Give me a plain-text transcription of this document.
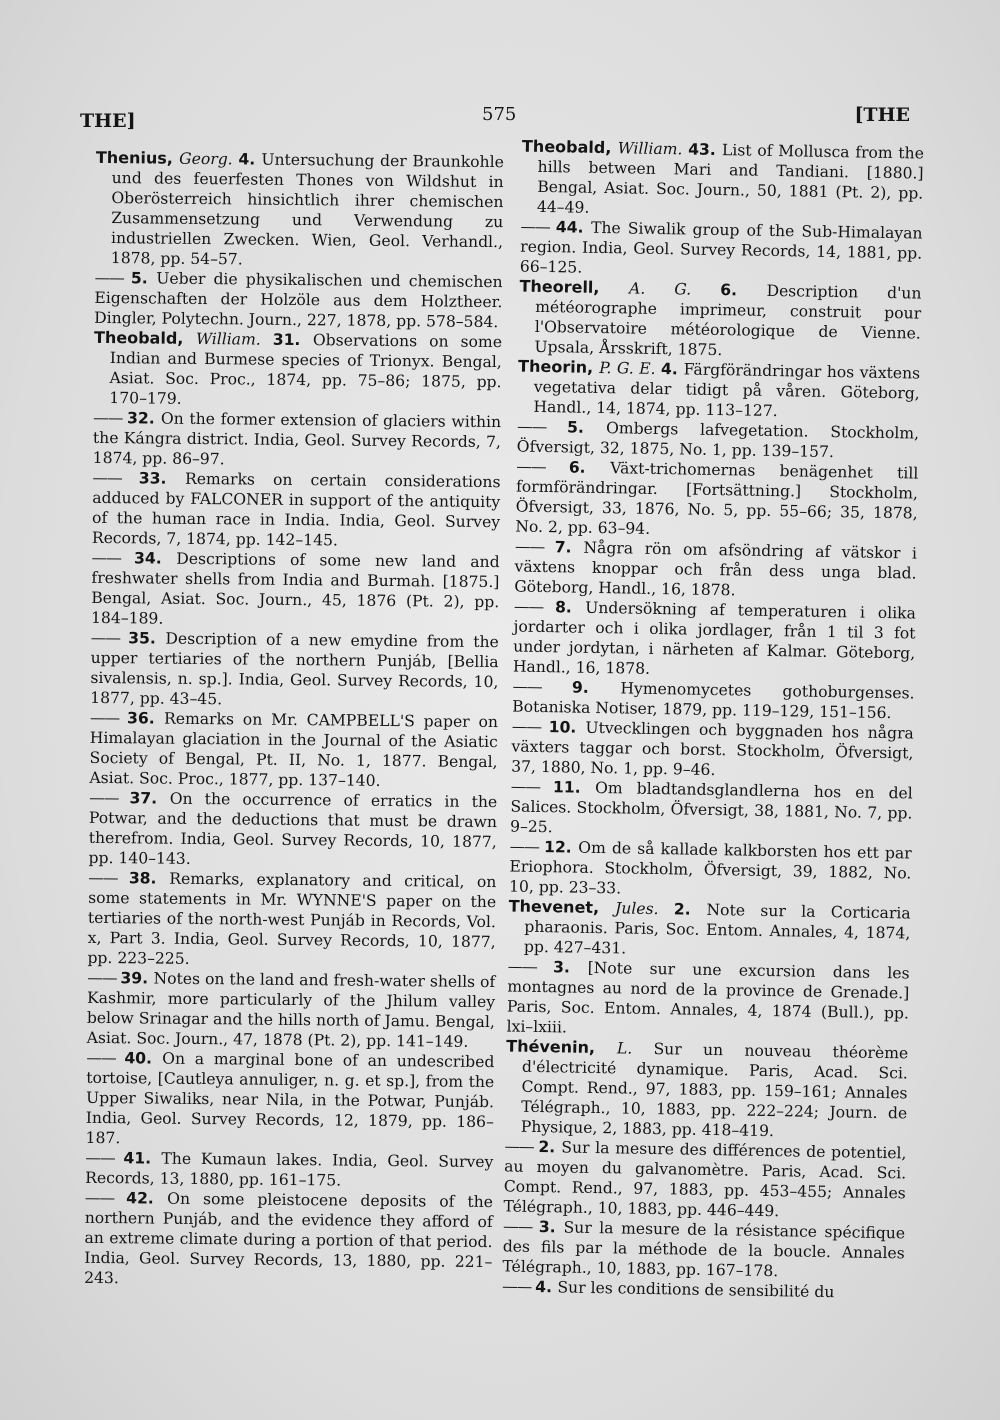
THE]	575	[THE
Thenius, Georg. 4. Untersuchung der Braunkohle und des feuerfesten Thones von Wildshut in Oberösterreich hinsichtlich ihrer chemischen Zusammensetzung und Verwendung zu industriellen Zwecken. Wien, Geol. Verhandl., 1878, pp. 54–57.
—— 5. Ueber die physikalischen und chemischen Eigenschaften der Holzöle aus dem Holztheer. Dingler, Polytechn. Journ., 227, 1878, pp. 578–584.
Theobald, William. 31. Observations on some Indian and Burmese species of Trionyx. Bengal, Asiat. Soc. Proc., 1874, pp. 75–86; 1875, pp. 170–179.
—— 32. On the former extension of glaciers within the Kángra district. India, Geol. Survey Records, 7, 1874, pp. 86–97.
—— 33. Remarks on certain considerations adduced by FALCONER in support of the antiquity of the human race in India. India, Geol. Survey Records, 7, 1874, pp. 142–145.
—— 34. Descriptions of some new land and freshwater shells from India and Burmah. [1875.] Bengal, Asiat. Soc. Journ., 45, 1876 (Pt. 2), pp. 184–189.
—— 35. Description of a new emydine from the upper tertiaries of the northern Punjáb, [Bellia sivalensis, n. sp.]. India, Geol. Survey Records, 10, 1877, pp. 43–45.
—— 36. Remarks on Mr. CAMPBELL'S paper on Himalayan glaciation in the Journal of the Asiatic Society of Bengal, Pt. II, No. 1, 1877. Bengal, Asiat. Soc. Proc., 1877, pp. 137–140.
—— 37. On the occurrence of erratics in the Potwar, and the deductions that must be drawn therefrom. India, Geol. Survey Records, 10, 1877, pp. 140–143.
—— 38. Remarks, explanatory and critical, on some statements in Mr. WYNNE'S paper on the tertiaries of the north-west Punjáb in Records, Vol. x, Part 3. India, Geol. Survey Records, 10, 1877, pp. 223–225.
—— 39. Notes on the land and fresh-water shells of Kashmir, more particularly of the Jhilum valley below Srinagar and the hills north of Jamu. Bengal, Asiat. Soc. Journ., 47, 1878 (Pt. 2), pp. 141–149.
—— 40. On a marginal bone of an undescribed tortoise, [Cautleya annuliger, n. g. et sp.], from the Upper Siwaliks, near Nila, in the Potwar, Punjáb. India, Geol. Survey Records, 12, 1879, pp. 186–187.
—— 41. The Kumaun lakes. India, Geol. Survey Records, 13, 1880, pp. 161–175.
—— 42. On some pleistocene deposits of the northern Punjáb, and the evidence they afford of an extreme climate during a portion of that period. India, Geol. Survey Records, 13, 1880, pp. 221–243.
Theobald, William. 43. List of Mollusca from the hills between Mari and Tandiani. [1880.] Bengal, Asiat. Soc. Journ., 50, 1881 (Pt. 2), pp. 44–49.
—— 44. The Siwalik group of the Sub-Himalayan region. India, Geol. Survey Records, 14, 1881, pp. 66–125.
Theorell, A. G. 6. Description d'un météorographe imprimeur, construit pour l'Observatoire météorologique de Vienne. Upsala, Årsskrift, 1875.
Theorin, P. G. E. 4. Färgförändringar hos växtens vegetativa delar tidigt på våren. Göteborg, Handl., 14, 1874, pp. 113–127.
—— 5. Ombergs lafvegetation. Stockholm, Öfversigt, 32, 1875, No. 1, pp. 139–157.
—— 6. Växt-trichomernas benägenhet till formförändringar. [Fortsättning.] Stockholm, Öfversigt, 33, 1876, No. 5, pp. 55–66; 35, 1878, No. 2, pp. 63–94.
—— 7. Några rön om afsöndring af vätskor i växtens knoppar och från dess unga blad. Göteborg, Handl., 16, 1878.
—— 8. Undersökning af temperaturen i olika jordarter och i olika jordlager, från 1 til 3 fot under jordytan, i närheten af Kalmar. Göteborg, Handl., 16, 1878.
—— 9. Hymenomycetes gothoburgenses. Botaniska Notiser, 1879, pp. 119–129, 151–156.
—— 10. Utvecklingen och byggnaden hos några växters taggar och borst. Stockholm, Öfversigt, 37, 1880, No. 1, pp. 9–46.
—— 11. Om bladtandsglandlerna hos en del Salices. Stockholm, Öfversigt, 38, 1881, No. 7, pp. 9–25.
—— 12. Om de så kallade kalkborsten hos ett par Eriophora. Stockholm, Öfversigt, 39, 1882, No. 10, pp. 23–33.
Thevenet, Jules. 2. Note sur la Corticaria pharaonis. Paris, Soc. Entom. Annales, 4, 1874, pp. 427–431.
—— 3. [Note sur une excursion dans les montagnes au nord de la province de Grenade.] Paris, Soc. Entom. Annales, 4, 1874 (Bull.), pp. lxi–lxiii.
Thévenin, L. Sur un nouveau théorème d'électricité dynamique. Paris, Acad. Sci. Compt. Rend., 97, 1883, pp. 159–161; Annales Télégraph., 10, 1883, pp. 222–224; Journ. de Physique, 2, 1883, pp. 418–419.
—— 2. Sur la mesure des différences de potentiel, au moyen du galvanomètre. Paris, Acad. Sci. Compt. Rend., 97, 1883, pp. 453–455; Annales Télégraph., 10, 1883, pp. 446–449.
—— 3. Sur la mesure de la résistance spécifique des fils par la méthode de la boucle. Annales Télégraph., 10, 1883, pp. 167–178.
—— 4. Sur les conditions de sensibilité du
